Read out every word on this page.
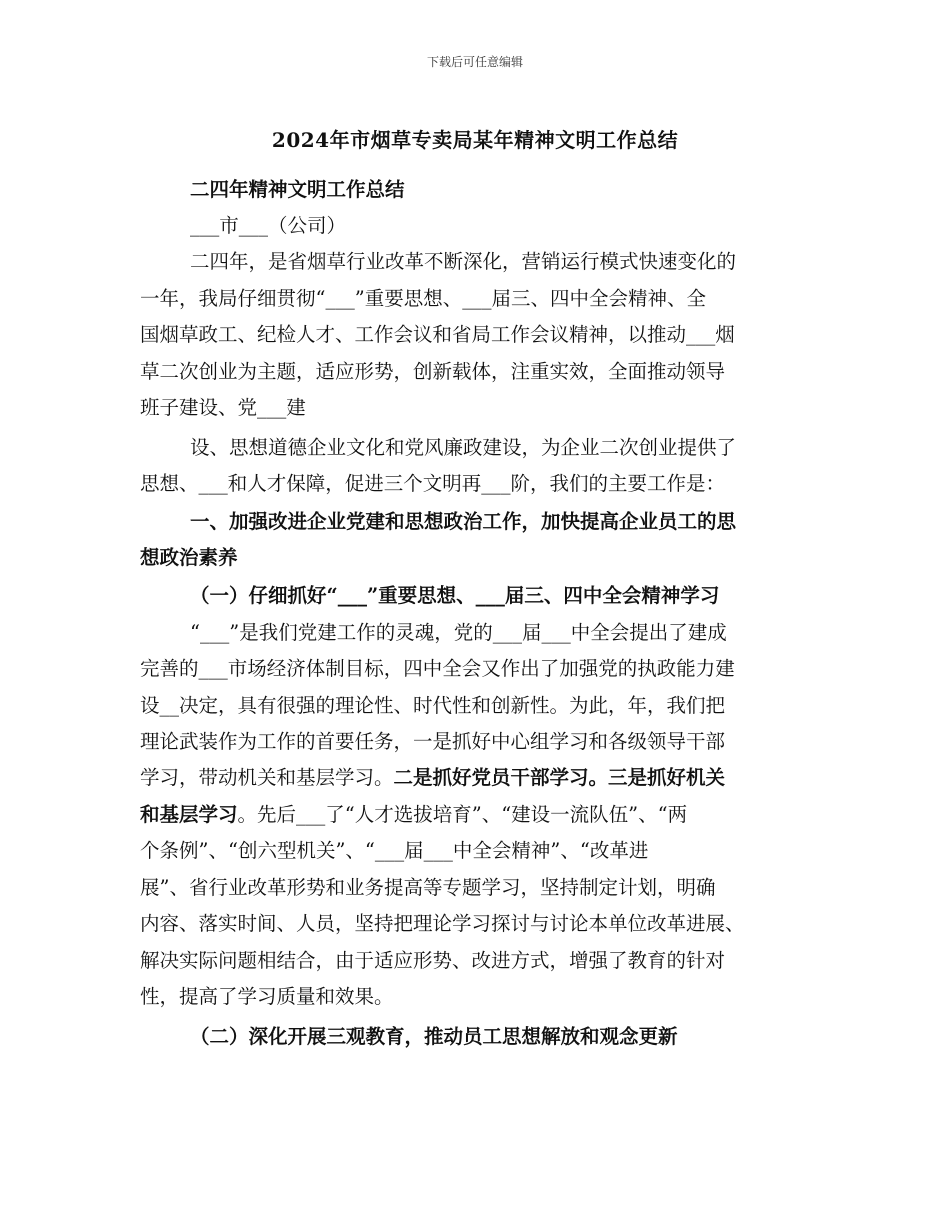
下载后可任意编辑
2024年市烟草专卖局某年精神文明工作总结
二四年精神文明工作总结
___市___（公司）
二四年，是省烟草行业改革不断深化，营销运行模式快速变化的
一年，我局仔细贯彻“___”重要思想、___届三、四中全会精神、全
国烟草政工、纪检人才、工作会议和省局工作会议精神，以推动___烟
草二次创业为主题，适应形势，创新载体，注重实效，全面推动领导
班子建设、党___建
设、思想道德企业文化和党风廉政建设，为企业二次创业提供了
思想、___和人才保障，促进三个文明再___阶，我们的主要工作是：
一、加强改进企业党建和思想政治工作，加快提高企业员工的思
想政治素养
（一）仔细抓好“___”重要思想、___届三、四中全会精神学习
“___”是我们党建工作的灵魂，党的___届___中全会提出了建成
完善的___市场经济体制目标，四中全会又作出了加强党的执政能力建
设__决定，具有很强的理论性、时代性和创新性。为此，年，我们把
理论武装作为工作的首要任务，一是抓好中心组学习和各级领导干部
学习，带动机关和基层学习。二是抓好党员干部学习。三是抓好机关
和基层学习。先后___了“人才选拔培育”、“建设一流队伍”、“两
个条例”、“创六型机关”、“___届___中全会精神”、“改革进
展”、省行业改革形势和业务提高等专题学习，坚持制定计划，明确
内容、落实时间、人员，坚持把理论学习探讨与讨论本单位改革进展、
解决实际问题相结合，由于适应形势、改进方式，增强了教育的针对
性，提高了学习质量和效果。
（二）深化开展三观教育，推动员工思想解放和观念更新
